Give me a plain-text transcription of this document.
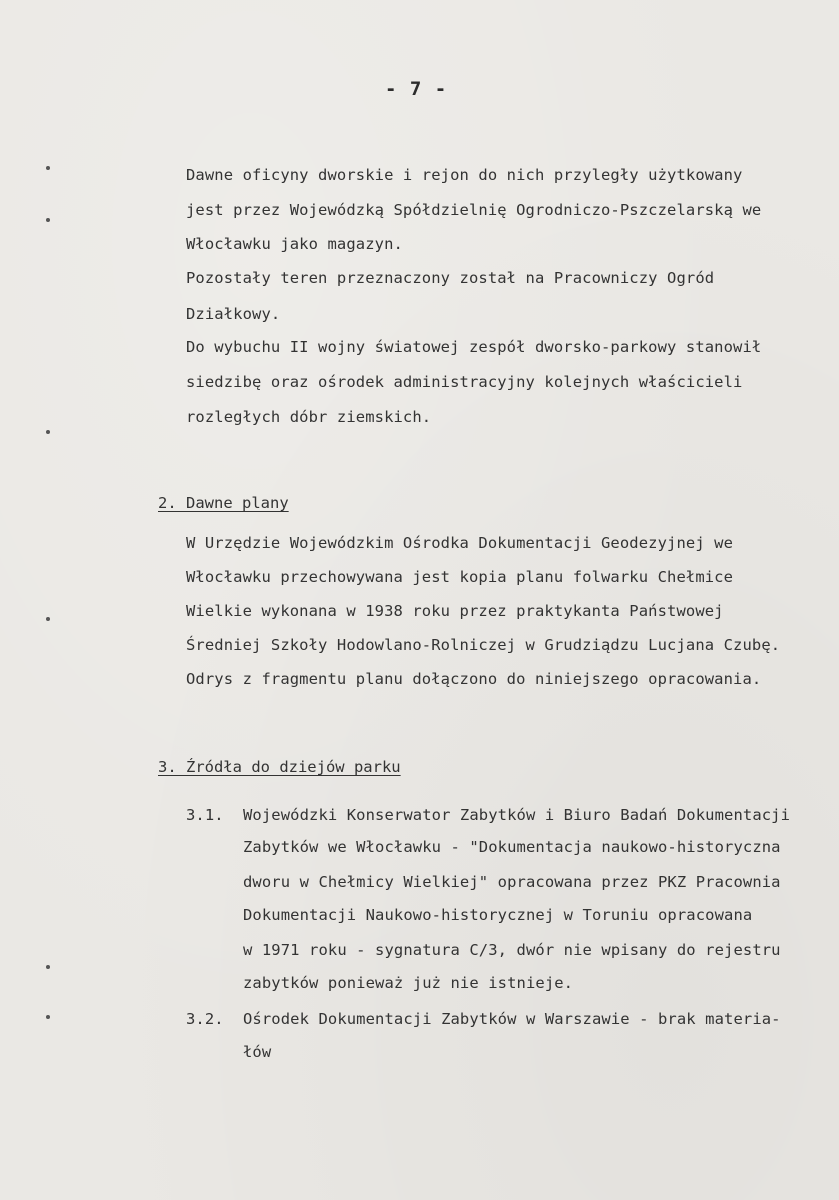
- 7 -
Dawne oficyny dworskie i rejon do nich przyległy użytkowany
jest przez Wojewódzką Spółdzielnię Ogrodniczo-Pszczelarską we
Włocławku jako magazyn.
Pozostały teren przeznaczony został na Pracowniczy Ogród
Działkowy.
Do wybuchu II wojny światowej zespół dworsko-parkowy stanowił
siedzibę oraz ośrodek administracyjny kolejnych właścicieli
rozległych dóbr ziemskich.
2. Dawne plany
W Urzędzie Wojewódzkim Ośrodka Dokumentacji Geodezyjnej we
Włocławku przechowywana jest kopia planu folwarku Chełmice
Wielkie wykonana w 1938 roku przez praktykanta Państwowej
Średniej Szkoły Hodowlano-Rolniczej w Grudziądzu Lucjana Czubę.
Odrys z fragmentu planu dołączono do niniejszego opracowania.
3. Źródła do dziejów parku
3.1. Wojewódzki Konserwator Zabytków i Biuro Badań Dokumentacji
Zabytków we Włocławku - "Dokumentacja naukowo-historyczna
dworu w Chełmicy Wielkiej" opracowana przez PKZ Pracownia
Dokumentacji Naukowo-historycznej w Toruniu opracowana
w 1971 roku - sygnatura C/3, dwór nie wpisany do rejestru
zabytków ponieważ już nie istnieje.
3.2. Ośrodek Dokumentacji Zabytków w Warszawie - brak materia-
łów
